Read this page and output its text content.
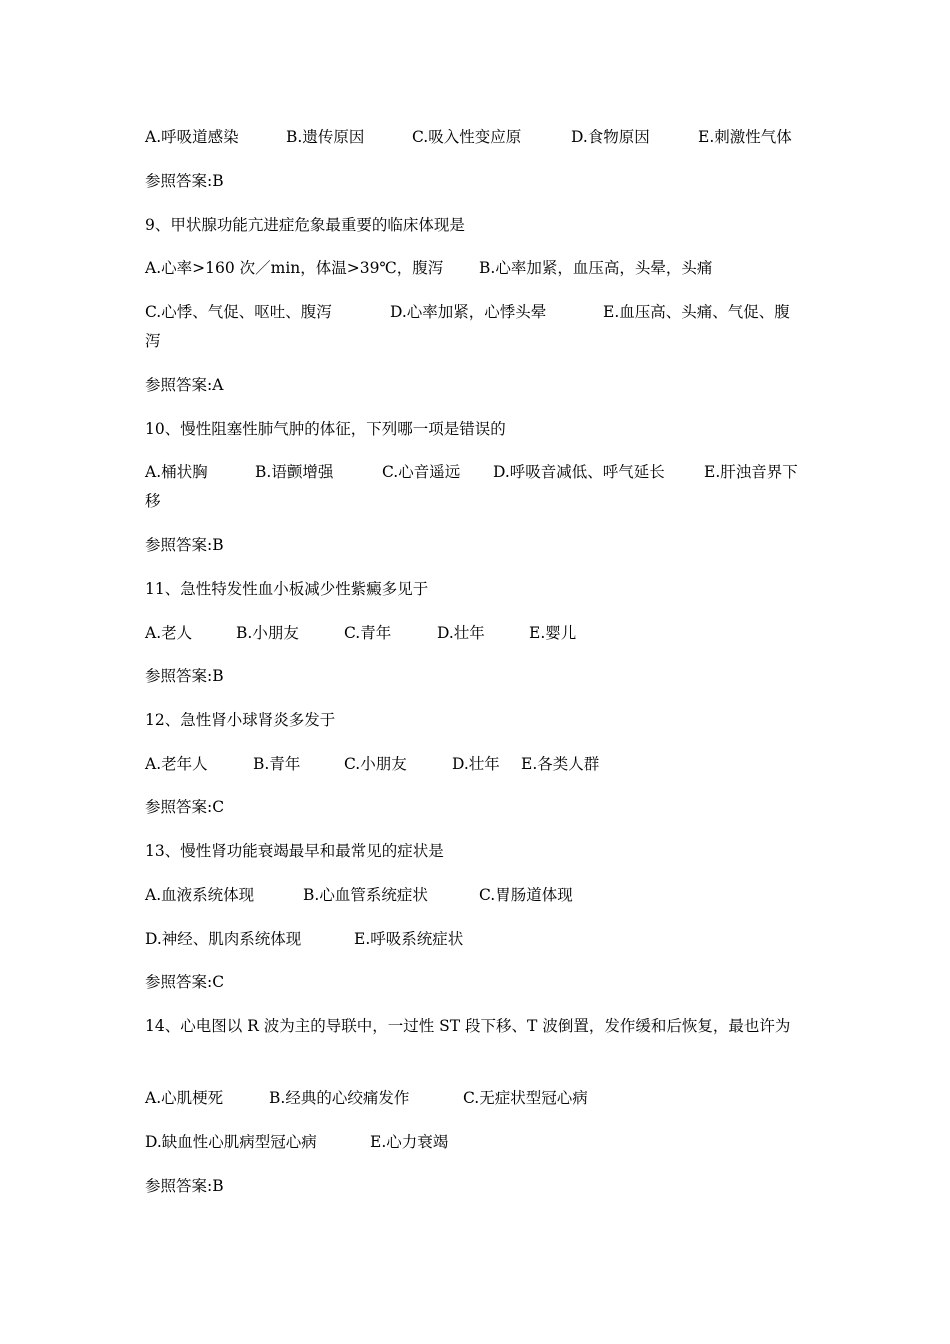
A.呼吸道感染	B.遗传原因	C.吸入性变应原	D.食物原因	E.刺激性气体
参照答案:B
9、甲状腺功能亢进症危象最重要的临床体现是
A.心率>160 次／min，体温>39℃，腹泻 B.心率加紧，血压高，头晕，头痛
C.心悸、气促、呕吐、腹泻	D.心率加紧，心悸头晕	E.血压高、头痛、气促、腹
泻
参照答案:A
10、慢性阻塞性肺气肿的体征，下列哪一项是错误的
A.桶状胸	B.语颤增强	C.心音遥远 D.呼吸音减低、呼气延长	E.肝浊音界下
参照答案:B
11、急性特发性血小板减少性紫癜多见于
A.老人	B.小朋友	C.青年	D.壮年	E.婴儿
参照答案:B
12、急性肾小球肾炎多发于
A.老年人	B.青年	C.小朋友	D.壮年 E.各类人群
参照答案:C
13、慢性肾功能衰竭最早和最常见的症状是
A.血液系统体现	B.心血管系统症状	C.胃肠道体现
D.神经、肌肉系统体现	E.呼吸系统症状
参照答案:C
14、心电图以 R 波为主的导联中，一过性 ST 段下移、T 波倒置，发作缓和后恢复，最也许为
A.心肌梗死	B.经典的心绞痛发作	C.无症状型冠心病
D.缺血性心肌病型冠心病	E.心力衰竭
参照答案:B
移
